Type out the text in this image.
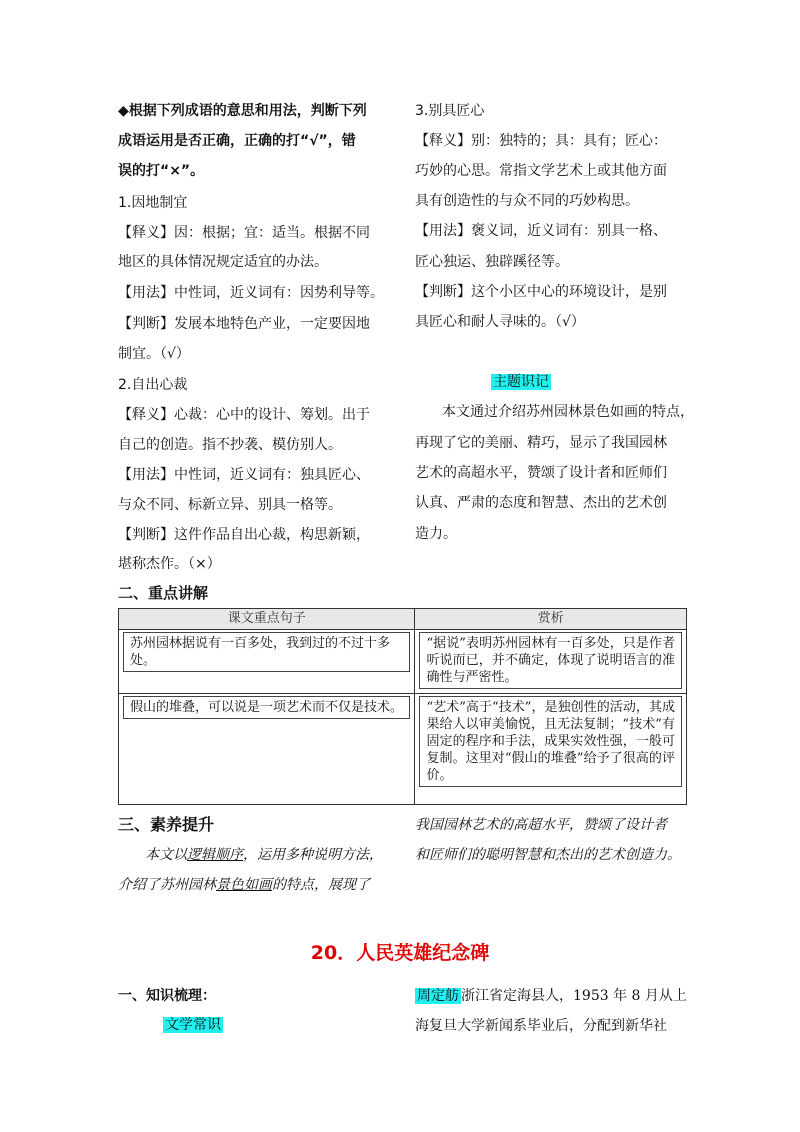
◆根据下列成语的意思和用法，判断下列
成语运用是否正确，正确的打“√”，错
误的打“×”。
1.因地制宜
【释义】因：根据；宜：适当。根据不同
地区的具体情况规定适宜的办法。
【用法】中性词，近义词有：因势利导等。
【判断】发展本地特色产业，一定要因地
制宜。（√）
2.自出心裁
【释义】心裁：心中的设计、筹划。出于
自己的创造。指不抄袭、模仿别人。
【用法】中性词，近义词有：独具匠心、
与众不同、标新立异、别具一格等。
【判断】这件作品自出心裁，构思新颖，
堪称杰作。（×）
3.别具匠心
【释义】别：独特的；具：具有；匠心：
巧妙的心思。常指文学艺术上或其他方面
具有创造性的与众不同的巧妙构思。
【用法】褒义词，近义词有：别具一格、
匠心独运、独辟蹊径等。
【判断】这个小区中心的环境设计，是别
具匠心和耐人寻味的。（√）
主题识记
本文通过介绍苏州园林景色如画的特点，
再现了它的美丽、精巧，显示了我国园林
艺术的高超水平，赞颂了设计者和匠师们
认真、严肃的态度和智慧、杰出的艺术创
造力。
二、重点讲解
课文重点句子	赏析

苏州园林据说有一百多处，我到过的不过十多处。	“据说”表明苏州园林有一百多处，只是作者听说而已，并不确定，体现了说明语言的准确性与严密性。

假山的堆叠，可以说是一项艺术而不仅是技术。	“艺术”高于“技术”，是独创性的活动，其成果给人以审美愉悦，且无法复制；“技术”有固定的程序和手法，成果实效性强，一般可复制。这里对“假山的堆叠”给予了很高的评价。
三、素养提升
本文以逻辑顺序，运用多种说明方法，
介绍了苏州园林景色如画的特点，展现了
我国园林艺术的高超水平，赞颂了设计者
和匠师们的聪明智慧和杰出的艺术创造力。
20．人民英雄纪念碑
一、知识梳理：
文学常识
周定舫 浙江省定海县人，1953 年 8 月从上
海复旦大学新闻系毕业后，分配到新华社
